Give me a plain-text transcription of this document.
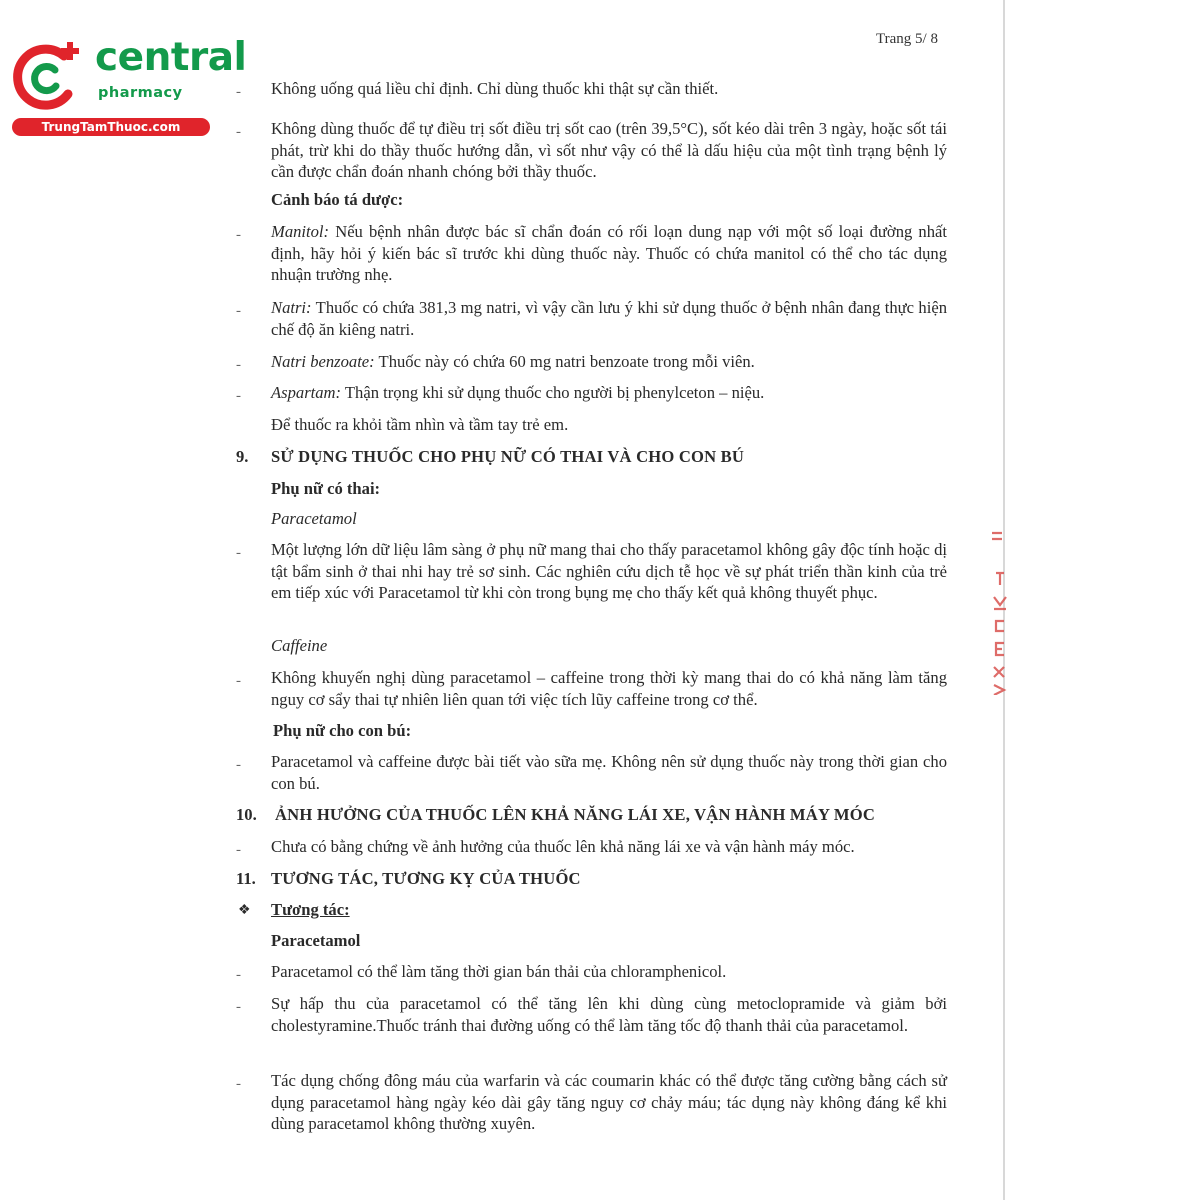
central
pharmacy
TrungTamThuoc.com
Trang 5/ 8
- Không uống quá liều chỉ định. Chỉ dùng thuốc khi thật sự cần thiết.
- Không dùng thuốc để tự điều trị sốt điều trị sốt cao (trên 39,5°C), sốt kéo dài trên 3 ngày, hoặc sốt tái phát, trừ khi do thầy thuốc hướng dẫn, vì sốt như vậy có thể là dấu hiệu của một tình trạng bệnh lý cần được chẩn đoán nhanh chóng bởi thầy thuốc.
Cảnh báo tá dược:
- Manitol: Nếu bệnh nhân được bác sĩ chẩn đoán có rối loạn dung nạp với một số loại đường nhất định, hãy hỏi ý kiến bác sĩ trước khi dùng thuốc này. Thuốc có chứa manitol có thể cho tác dụng nhuận trường nhẹ.
- Natri: Thuốc có chứa 381,3 mg natri, vì vậy cần lưu ý khi sử dụng thuốc ở bệnh nhân đang thực hiện chế độ ăn kiêng natri.
- Natri benzoate: Thuốc này có chứa 60 mg natri benzoate trong mỗi viên.
- Aspartam: Thận trọng khi sử dụng thuốc cho người bị phenylceton – niệu.
Để thuốc ra khỏi tầm nhìn và tầm tay trẻ em.
9. SỬ DỤNG THUỐC CHO PHỤ NỮ CÓ THAI VÀ CHO CON BÚ
Phụ nữ có thai:
Paracetamol
- Một lượng lớn dữ liệu lâm sàng ở phụ nữ mang thai cho thấy paracetamol không gây độc tính hoặc dị tật bẩm sinh ở thai nhi hay trẻ sơ sinh. Các nghiên cứu dịch tễ học về sự phát triển thần kinh của trẻ em tiếp xúc với Paracetamol từ khi còn trong bụng mẹ cho thấy kết quả không thuyết phục.
Caffeine
- Không khuyến nghị dùng paracetamol – caffeine trong thời kỳ mang thai do có khả năng làm tăng nguy cơ sẩy thai tự nhiên liên quan tới việc tích lũy caffeine trong cơ thể.
Phụ nữ cho con bú:
- Paracetamol và caffeine được bài tiết vào sữa mẹ. Không nên sử dụng thuốc này trong thời gian cho con bú.
10. ẢNH HƯỞNG CỦA THUỐC LÊN KHẢ NĂNG LÁI XE, VẬN HÀNH MÁY MÓC
- Chưa có bằng chứng về ảnh hưởng của thuốc lên khả năng lái xe và vận hành máy móc.
11. TƯƠNG TÁC, TƯƠNG KỴ CỦA THUỐC
❖ Tương tác:
Paracetamol
- Paracetamol có thể làm tăng thời gian bán thải của chloramphenicol.
- Sự hấp thu của paracetamol có thể tăng lên khi dùng cùng metoclopramide và giảm bởi cholestyramine.Thuốc tránh thai đường uống có thể làm tăng tốc độ thanh thải của paracetamol.
- Tác dụng chống đông máu của warfarin và các coumarin khác có thể được tăng cường bằng cách sử dụng paracetamol hàng ngày kéo dài gây tăng nguy cơ chảy máu; tác dụng này không đáng kể khi dùng paracetamol không thường xuyên.
